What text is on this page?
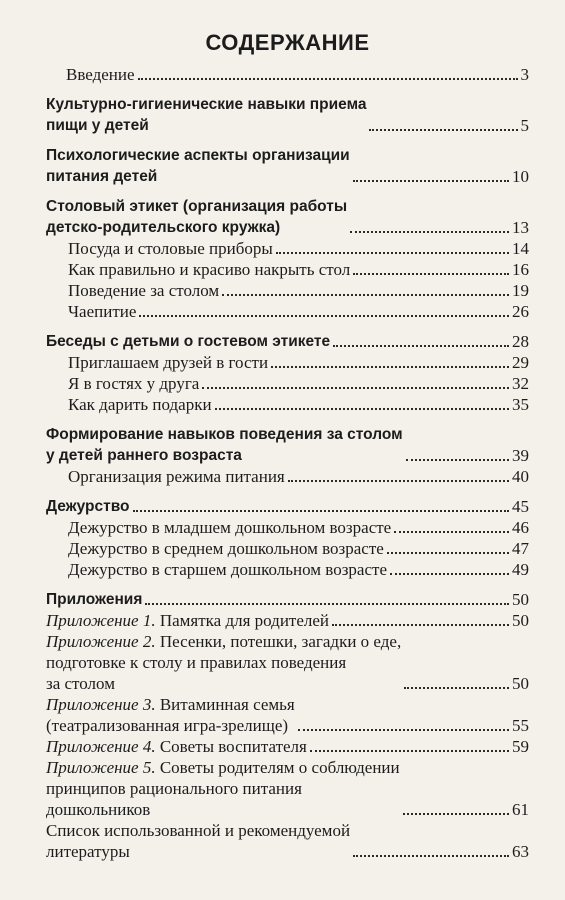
СОДЕРЖАНИЕ
Введение	3
Культурно-гигиенические навыки приема
пищи у детей	5
Психологические аспекты организации
питания детей	10
Столовый этикет (организация работы
детско-родительского кружка)	13
Посуда и столовые приборы	14
Как правильно и красиво накрыть стол	16
Поведение за столом	19
Чаепитие	26
Беседы с детьми о гостевом этикете	28
Приглашаем друзей в гости	29
Я в гостях у друга	32
Как дарить подарки	35
Формирование навыков поведения за столом
у детей раннего возраста	39
Организация режима питания	40
Дежурство	45
Дежурство в младшем дошкольном возрасте	46
Дежурство в среднем дошкольном возрасте	47
Дежурство в старшем дошкольном возрасте	49
Приложения	50
Приложение 1. Памятка для родителей	50
Приложение 2. Песенки, потешки, загадки о еде,
подготовке к столу и правилах поведения
за столом	50
Приложение 3. Витаминная семья
(театрализованная игра-зрелище)	55
Приложение 4. Советы воспитателя	59
Приложение 5. Советы родителям о соблюдении
принципов рационального питания
дошкольников	61
Список использованной и рекомендуемой
литературы	63
